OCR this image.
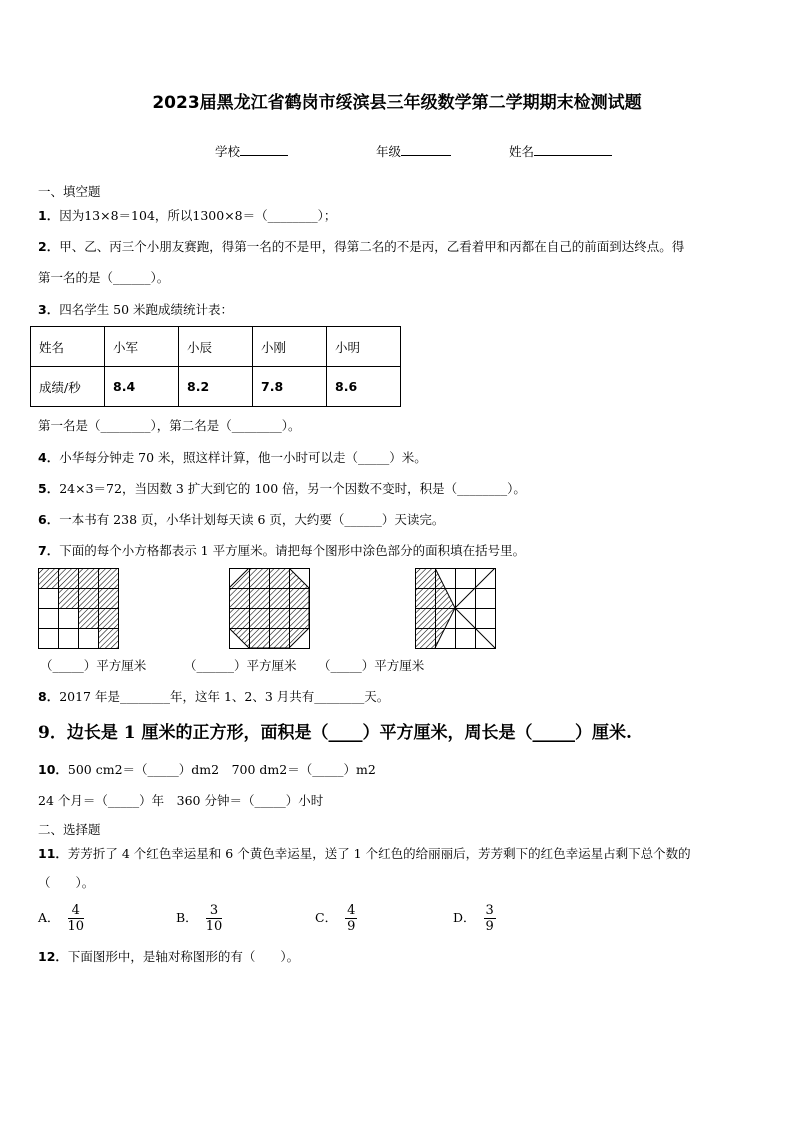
2023届黑龙江省鹤岗市绥滨县三年级数学第二学期期末检测试题
学校	年级	姓名
一、填空题
1．因为13×8＝104，所以1300×8＝（________）；
2．甲、乙、丙三个小朋友赛跑，得第一名的不是甲，得第二名的不是丙，乙看着甲和丙都在自己的前面到达终点。得
第一名的是（______）。
3．四名学生 50 米跑成绩统计表：
姓名	小军	小辰	小刚	小明
成绩/秒	8.4	8.2	7.8	8.6
第一名是（________），第二名是（________）。
4．小华每分钟走 70 米，照这样计算，他一小时可以走（_____）米。
5．24×3＝72，当因数 3 扩大到它的 100 倍，另一个因数不变时，积是（________）。
6．一本书有 238 页，小华计划每天读 6 页，大约要（______）天读完。
7．下面的每个小方格都表示 1 平方厘米。请把每个图形中涂色部分的面积填在括号里。
（_____）平方厘米	（______）平方厘米 （_____）平方厘米
8．2017 年是________年，这年 1、2、3 月共有________天。
9．边长是 1 厘米的正方形，面积是（____）平方厘米，周长是（_____）厘米.
10．500 cm2＝（_____）dm2　700 dm2＝（_____）m2
24 个月＝（_____）年　360 分钟＝（_____）小时
二、选择题
11．芳芳折了 4 个红色幸运星和 6 个黄色幸运星，送了 1 个红色的给丽丽后，芳芳剩下的红色幸运星占剩下总个数的
（　　）。
A． $\frac{4}{10}$	B． $\frac{3}{10}$	C． $\frac{4}{9}$	D． $\frac{3}{9}$
12．下面图形中，是轴对称图形的有（　　）。
